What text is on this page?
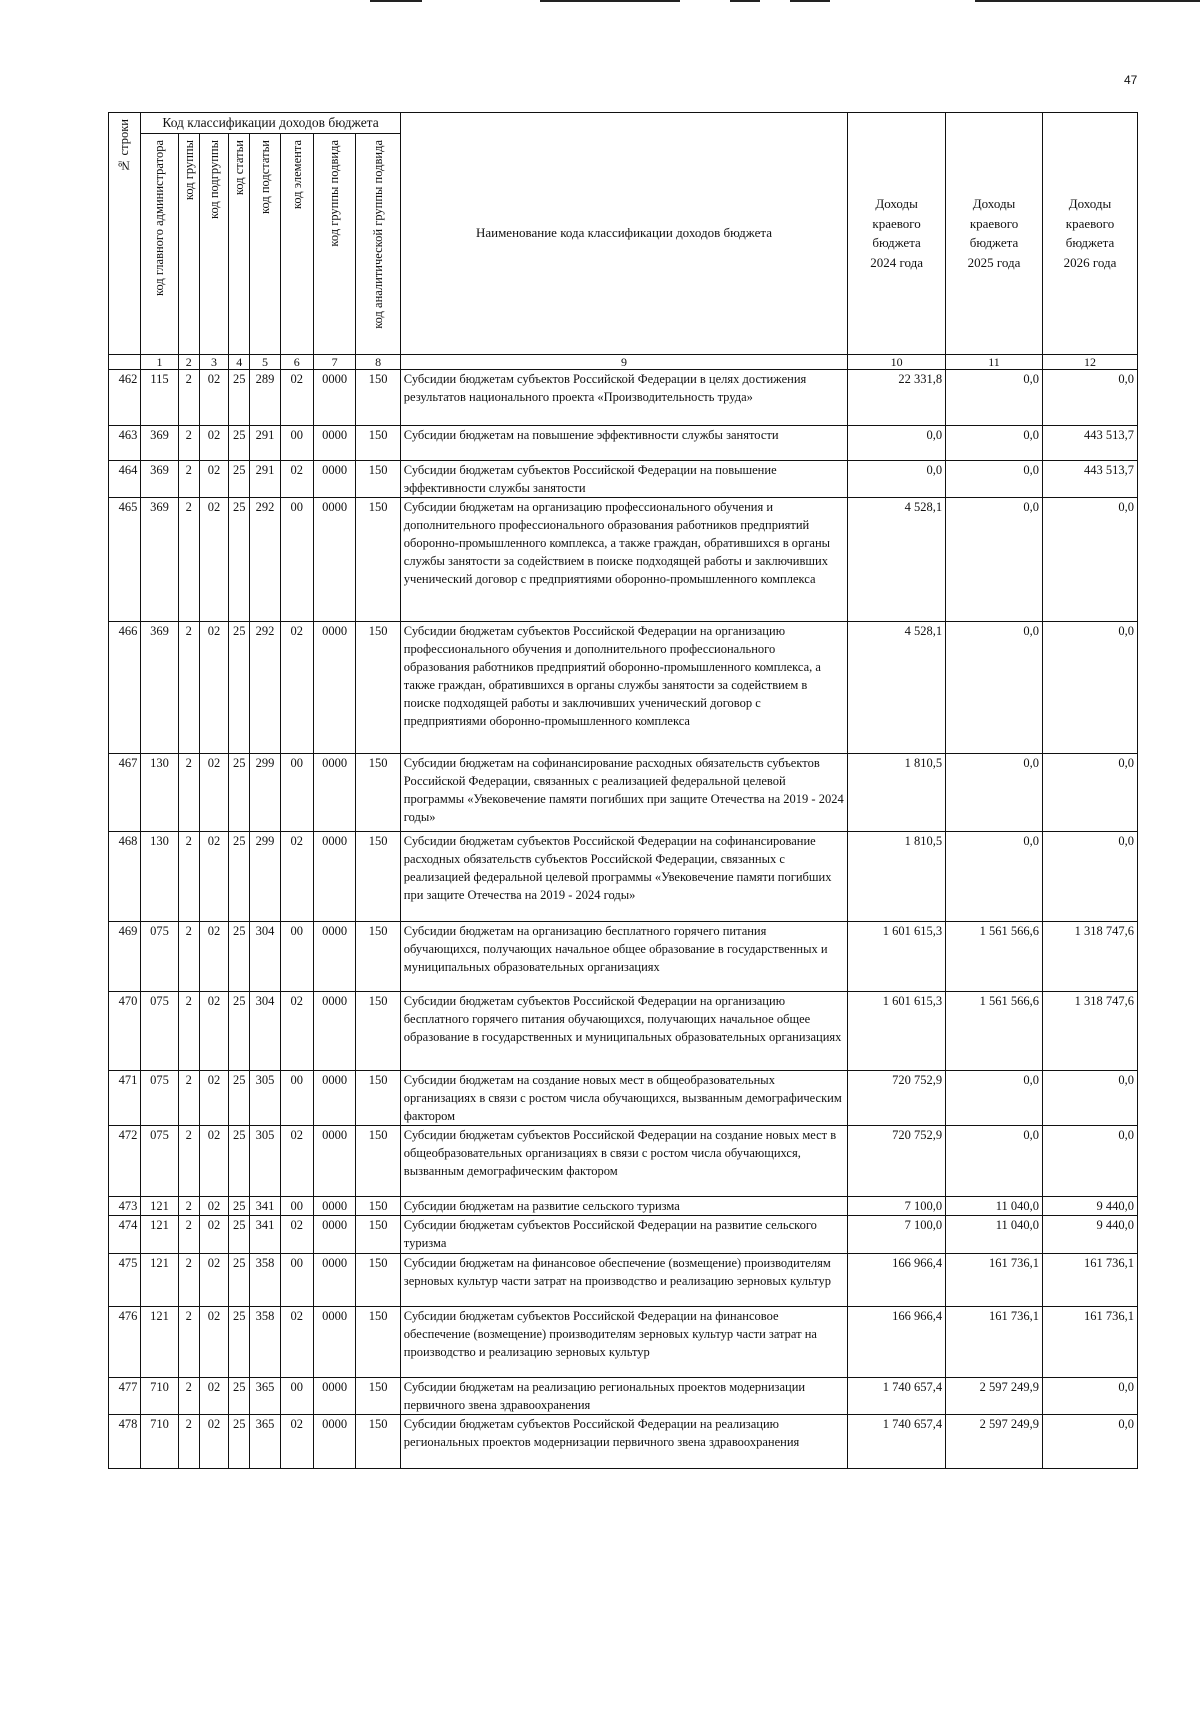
47
№ строки	Код классификации доходов бюджета								Наименование кода классификации доходов бюджета	Доходы
краевого
бюджета
2024 года	Доходы
краевого
бюджета
2025 года	Доходы
краевого
бюджета
2026 года

	код главного администратора	код группы	код подгруппы	код статьи	код подстатьи	код элемента	код группы подвида	код аналитической группы подвида				

	1	2	3	4	5	6	7	8	9	10	11	12
462	115	2	02	25	289	02	0000	150	Субсидии бюджетам субъектов Российской Федерации в целях достижения результатов национального проекта «Производительность труда»	22 331,8	0,0	0,0
463	369	2	02	25	291	00	0000	150	Субсидии бюджетам на повышение эффективности службы занятости	0,0	0,0	443 513,7
464	369	2	02	25	291	02	0000	150	Субсидии бюджетам субъектов Российской Федерации на повышение эффективности службы занятости	0,0	0,0	443 513,7
465	369	2	02	25	292	00	0000	150	Субсидии бюджетам на организацию профессионального обучения и дополнительного профессионального образования работников предприятий оборонно-промышленного комплекса, а также граждан, обратившихся в органы службы занятости за содействием в поиске подходящей работы и заключивших ученический договор с предприятиями оборонно-промышленного комплекса	4 528,1	0,0	0,0
466	369	2	02	25	292	02	0000	150	Субсидии бюджетам субъектов Российской Федерации на организацию профессионального обучения и дополнительного профессионального образования работников предприятий оборонно-промышленного комплекса, а также граждан, обратившихся в органы службы занятости за содействием в поиске подходящей работы и заключивших ученический договор с предприятиями оборонно-промышленного комплекса	4 528,1	0,0	0,0
467	130	2	02	25	299	00	0000	150	Субсидии бюджетам на софинансирование расходных обязательств субъектов Российской Федерации, связанных с реализацией федеральной целевой программы «Увековечение памяти погибших при защите Отечества на 2019 - 2024 годы»	1 810,5	0,0	0,0
468	130	2	02	25	299	02	0000	150	Субсидии бюджетам субъектов Российской Федерации на софинансирование расходных обязательств субъектов Российской Федерации, связанных с реализацией федеральной целевой программы «Увековечение памяти погибших при защите Отечества на 2019 - 2024 годы»	1 810,5	0,0	0,0
469	075	2	02	25	304	00	0000	150	Субсидии бюджетам на организацию бесплатного горячего питания обучающихся, получающих начальное общее образование в государственных и муниципальных образовательных организациях	1 601 615,3	1 561 566,6	1 318 747,6
470	075	2	02	25	304	02	0000	150	Субсидии бюджетам субъектов Российской Федерации на организацию бесплатного горячего питания обучающихся, получающих начальное общее образование в государственных и муниципальных образовательных организациях	1 601 615,3	1 561 566,6	1 318 747,6
471	075	2	02	25	305	00	0000	150	Субсидии бюджетам на создание новых мест в общеобразовательных организациях в связи с ростом числа обучающихся, вызванным демографическим фактором	720 752,9	0,0	0,0
472	075	2	02	25	305	02	0000	150	Субсидии бюджетам субъектов Российской Федерации на создание новых мест в общеобразовательных организациях в связи с ростом числа обучающихся, вызванным демографическим фактором	720 752,9	0,0	0,0
473	121	2	02	25	341	00	0000	150	Субсидии бюджетам на развитие сельского туризма	7 100,0	11 040,0	9 440,0
474	121	2	02	25	341	02	0000	150	Субсидии бюджетам субъектов Российской Федерации на развитие сельского туризма	7 100,0	11 040,0	9 440,0
475	121	2	02	25	358	00	0000	150	Субсидии бюджетам на финансовое обеспечение (возмещение) производителям зерновых культур части затрат на производство и реализацию зерновых культур	166 966,4	161 736,1	161 736,1
476	121	2	02	25	358	02	0000	150	Субсидии бюджетам субъектов Российской Федерации на финансовое обеспечение (возмещение) производителям зерновых культур части затрат на производство и реализацию зерновых культур	166 966,4	161 736,1	161 736,1
477	710	2	02	25	365	00	0000	150	Субсидии бюджетам на реализацию региональных проектов модернизации первичного звена здравоохранения	1 740 657,4	2 597 249,9	0,0
478	710	2	02	25	365	02	0000	150	Субсидии бюджетам субъектов Российской Федерации на реализацию региональных проектов модернизации первичного звена здравоохранения	1 740 657,4	2 597 249,9	0,0
